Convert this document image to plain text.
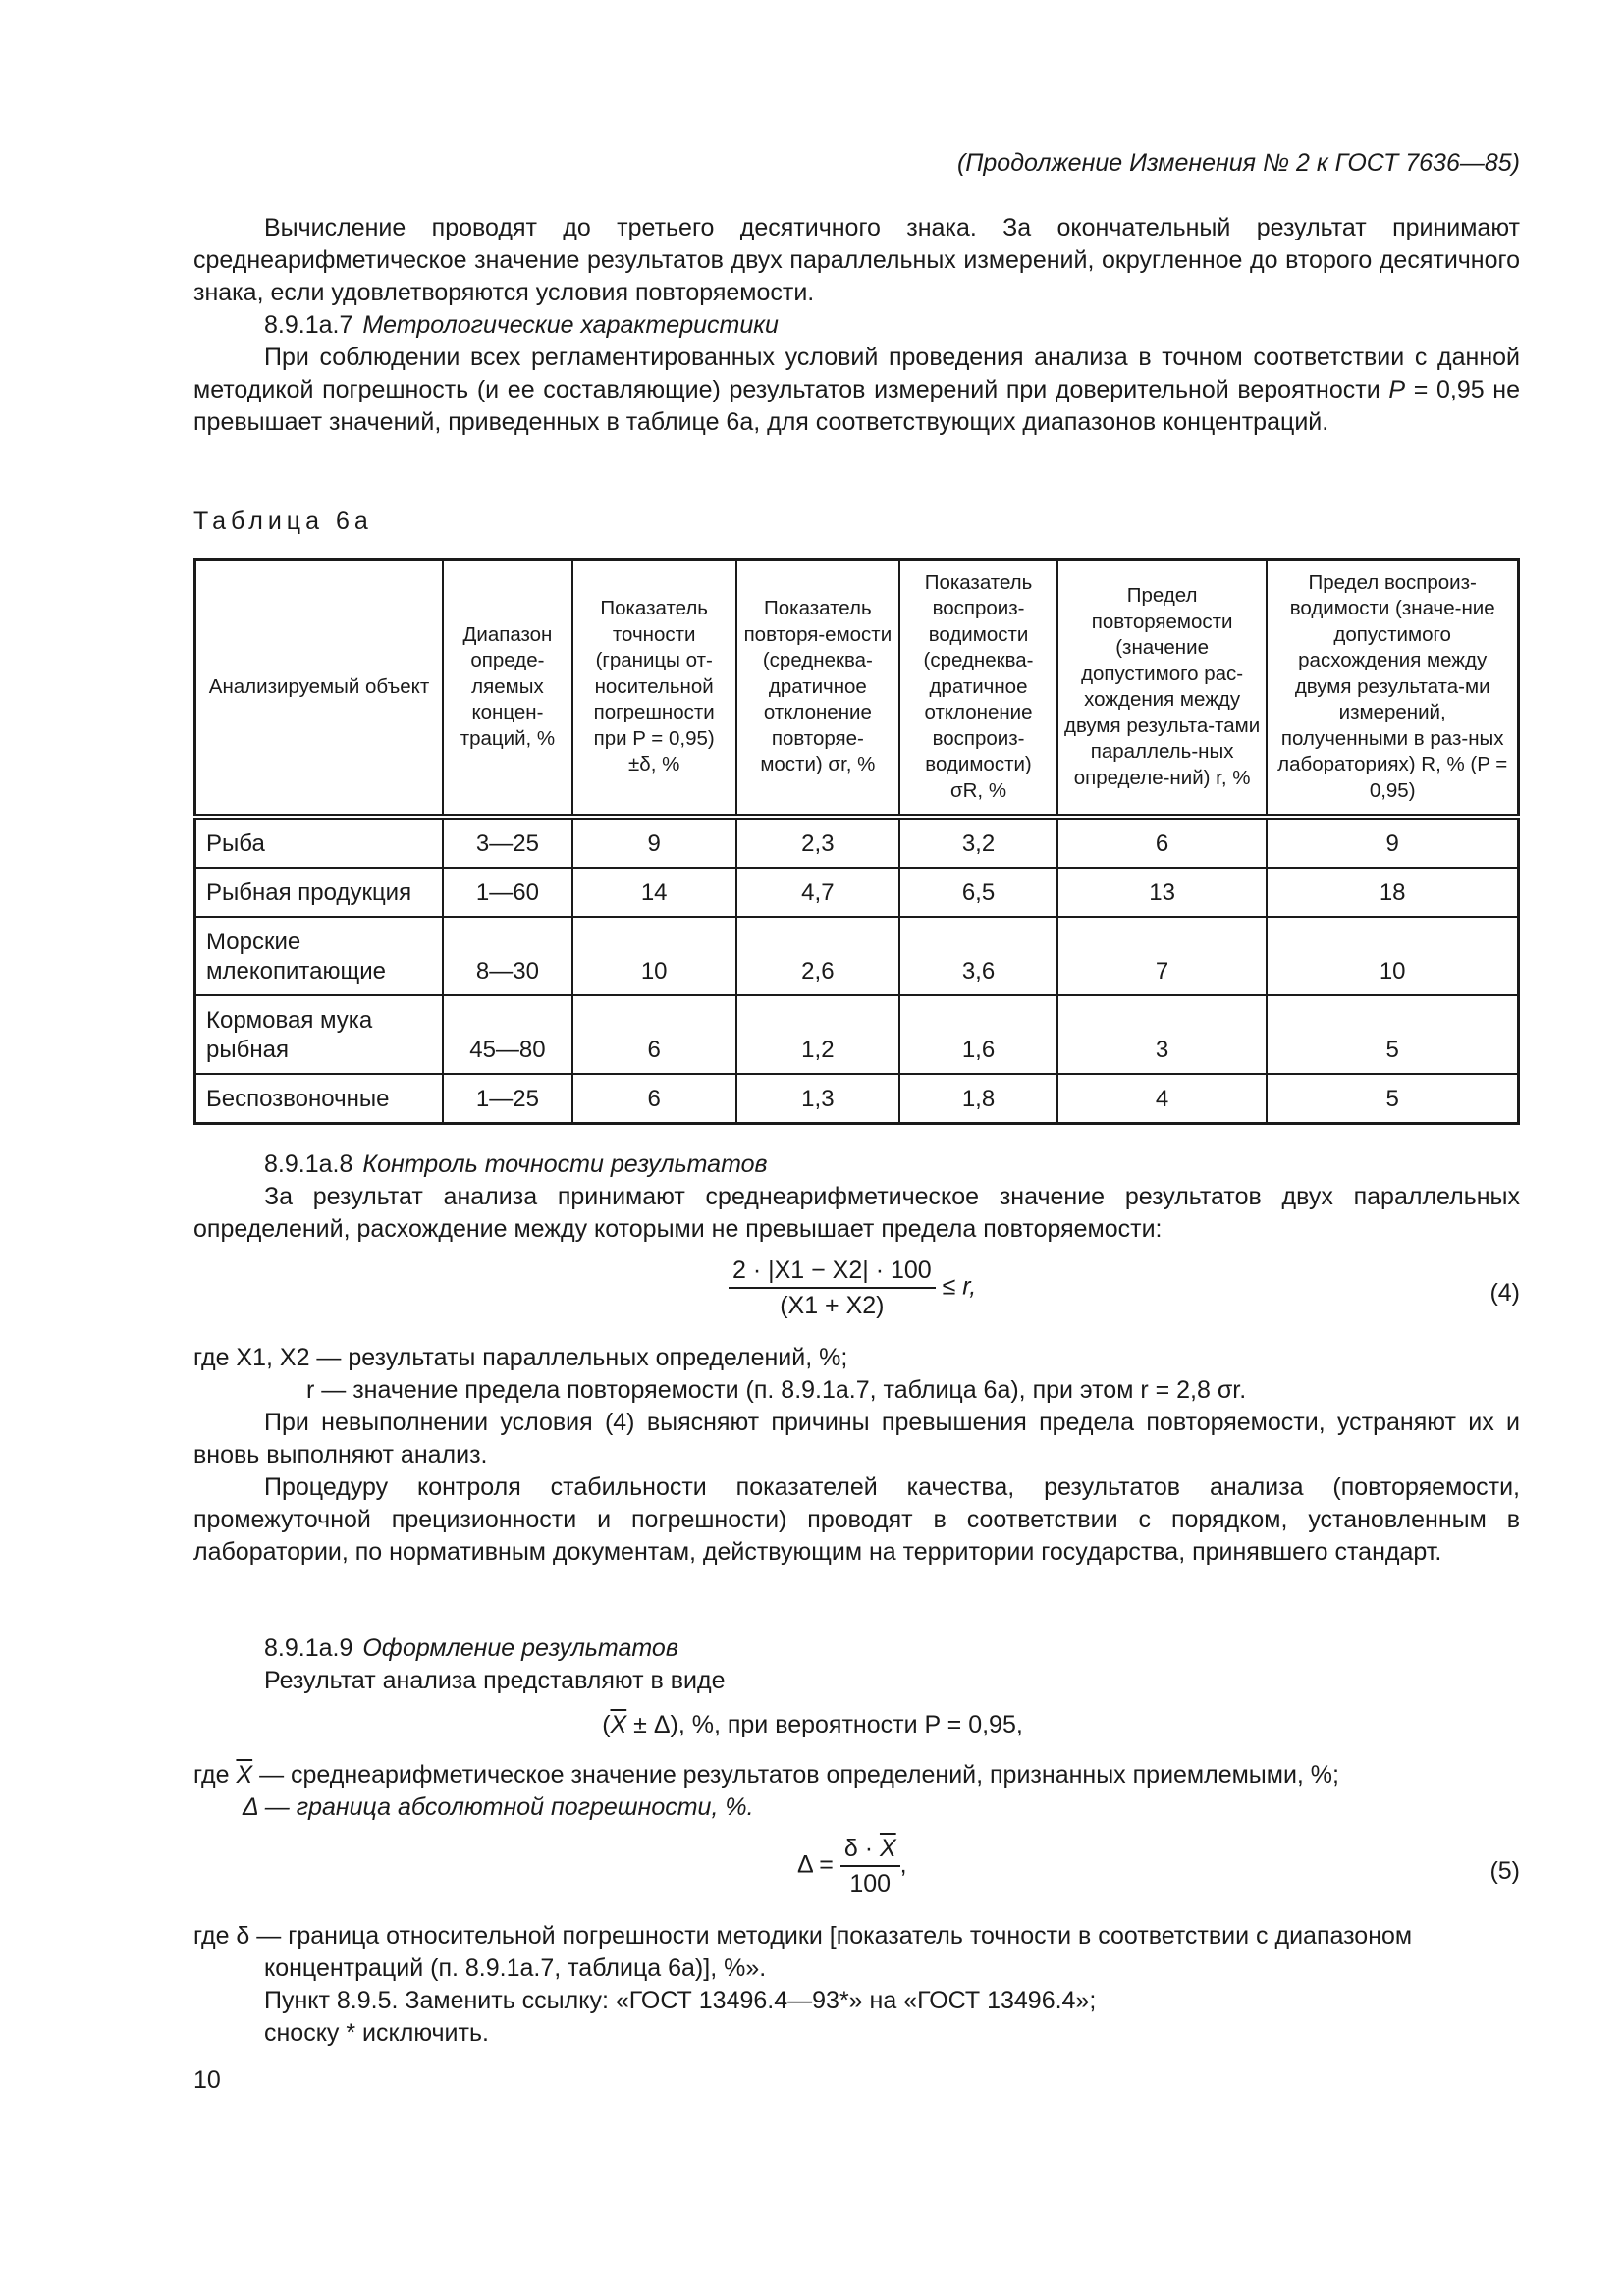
(Продолжение Изменения № 2 к ГОСТ 7636—85)

Вычисление проводят до третьего десятичного знака. За окончательный результат принимают среднеарифметическое значение результатов двух параллельных измерений, округленное до второго десятичного знака, если удовлетворяются условия повторяемости.

8.9.1а.7 Метрологические характеристики

При соблюдении всех регламентированных условий проведения анализа в точном соответствии с данной методикой погрешность (и ее составляющие) результатов измерений при доверительной вероятности P = 0,95 не превышает значений, приведенных в таблице 6а, для соответствующих диапазонов концентраций.

Таблица 6а

Анализируемый объект	Диапазон опреде-ляемых концен-траций, %	Показатель точности (границы от-носительной погрешности при P = 0,95) ±δ, %	Показатель повторя-емости (среднеква-дратичное отклонение повторяе-мости) σr, %	Показатель воспроиз-водимости (среднеква-дратичное отклонение воспроиз-водимости) σR, %	Предел повторяемости (значение допустимого рас-хождения между двумя результа-тами параллель-ных определе-ний) r, %	Предел воспроиз-водимости (значе-ние допустимого расхождения между двумя результата-ми измерений, полученными в раз-ных лабораториях) R, % (P = 0,95)
Рыба	3—25	9	2,3	3,2	6	9
Рыбная продукция	1—60	14	4,7	6,5	13	18
Морские млекопитающие	8—30	10	2,6	3,6	7	10
Кормовая мука рыбная	45—80	6	1,2	1,6	3	5
Беспозвоночные	1—25	6	1,3	1,8	4	5

8.9.1а.8 Контроль точности результатов

За результат анализа принимают среднеарифметическое значение результатов двух параллельных определений, расхождение между которыми не превышает предела повторяемости:

$\frac{2 \cdot |X1 - X2| \cdot 100}{(X1 + X2)} \le r$,	(4)

где X1, X2 — результаты параллельных определений, %;

r — значение предела повторяемости (п. 8.9.1а.7, таблица 6а), при этом r = 2,8 σr.

При невыполнении условия (4) выясняют причины превышения предела повторяемости, устраняют их и вновь выполняют анализ.

Процедуру контроля стабильности показателей качества, результатов анализа (повторяемости, промежуточной прецизионности и погрешности) проводят в соответствии с порядком, установленным в лаборатории, по нормативным документам, действующим на территории государства, принявшего стандарт.

8.9.1а.9 Оформление результатов

Результат анализа представляют в виде

$(\overline{X} \pm \Delta)$, %, при вероятности P = 0,95,

где $\overline{X}$ — среднеарифметическое значение результатов определений, признанных приемлемыми, %;

Δ — граница абсолютной погрешности, %.

$\Delta = \frac{\delta \cdot \overline{X}}{100}$ ,	(5)

где δ — граница относительной погрешности методики [показатель точности в соответствии с диапазоном концентраций (п. 8.9.1а.7, таблица 6а)], %».

Пункт 8.9.5. Заменить ссылку: «ГОСТ 13496.4—93*» на «ГОСТ 13496.4»;

сноску * исключить.

10
